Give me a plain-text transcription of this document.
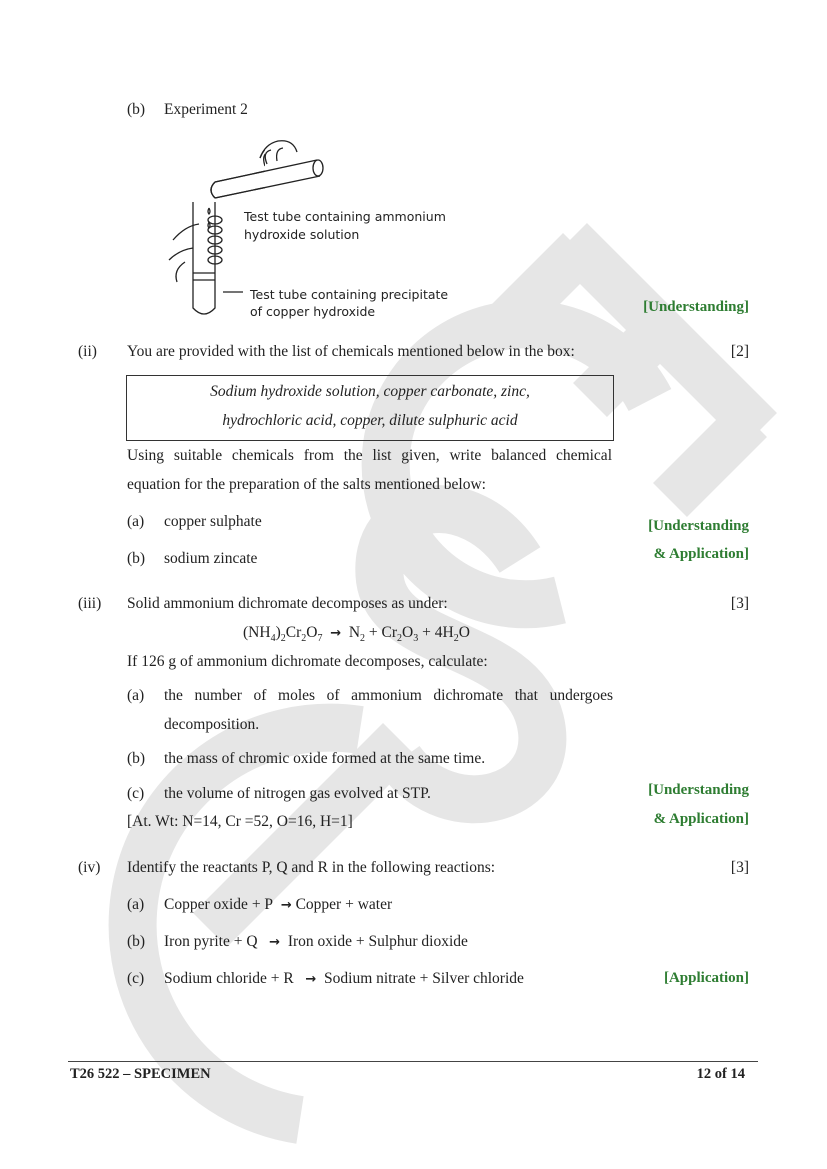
(b) Experiment 2
Test tube containing ammonium
hydroxide solution
Test tube containing precipitate
of copper hydroxide	[Understanding]
(ii) You are provided with the list of chemicals mentioned below in the box:	[2]
Sodium hydroxide solution, copper carbonate, zinc,
hydrochloric acid, copper, dilute sulphuric acid
Using suitable chemicals from the list given, write balanced chemical
equation for the preparation of the salts mentioned below:
(a) copper sulphate
(b) sodium zincate
[Understanding
& Application]
(iii) Solid ammonium dichromate decomposes as under:	[3]
$(NH_4)_2Cr_2O_7 \to N_2 + Cr_2O_3 + 4H_2O$
If 126 g of ammonium dichromate decomposes, calculate:
(a) the number of moles of ammonium dichromate that undergoes
decomposition.
(b) the mass of chromic oxide formed at the same time.
(c) the volume of nitrogen gas evolved at STP.
[At. Wt: N=14, Cr =52, O=16, H=1]
[Understanding
& Application]
(iv) Identify the reactants P, Q and R in the following reactions:	[3]
(a) Copper oxide + P → Copper + water
(b) Iron pyrite + Q → Iron oxide + Sulphur dioxide
(c) Sodium chloride + R → Sodium nitrate + Silver chloride	[Application]
T26 522 – SPECIMEN	12 of 14
